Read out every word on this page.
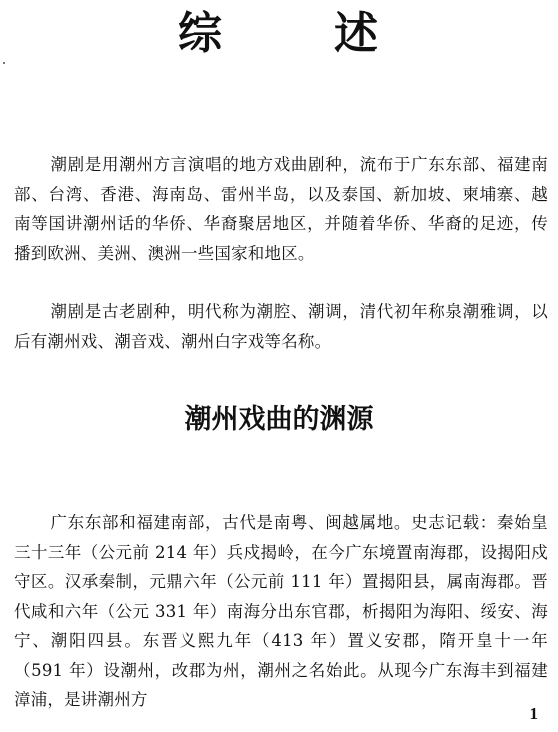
综	述

潮剧是用潮州方言演唱的地方戏曲剧种，流布于广东东部、福建南部、台湾、香港、海南岛、雷州半岛，以及泰国、新加坡、柬埔寨、越南等国讲潮州话的华侨、华裔聚居地区，并随着华侨、华裔的足迹，传播到欧洲、美洲、澳洲一些国家和地区。

潮剧是古老剧种，明代称为潮腔、潮调，清代初年称泉潮雅调，以后有潮州戏、潮音戏、潮州白字戏等名称。

潮州戏曲的渊源

广东东部和福建南部，古代是南粤、闽越属地。史志记载：秦始皇三十三年（公元前 214 年）兵戍揭岭，在今广东境置南海郡，设揭阳戍守区。汉承秦制，元鼎六年（公元前 111 年）置揭阳县，属南海郡。晋代咸和六年（公元 331 年）南海分出东官郡，析揭阳为海阳、绥安、海宁、潮阳四县。东晋义熙九年（413 年）置义安郡，隋开皇十一年（591 年）设潮州，改郡为州，潮州之名始此。从现今广东海丰到福建漳浦，是讲潮州方

1
